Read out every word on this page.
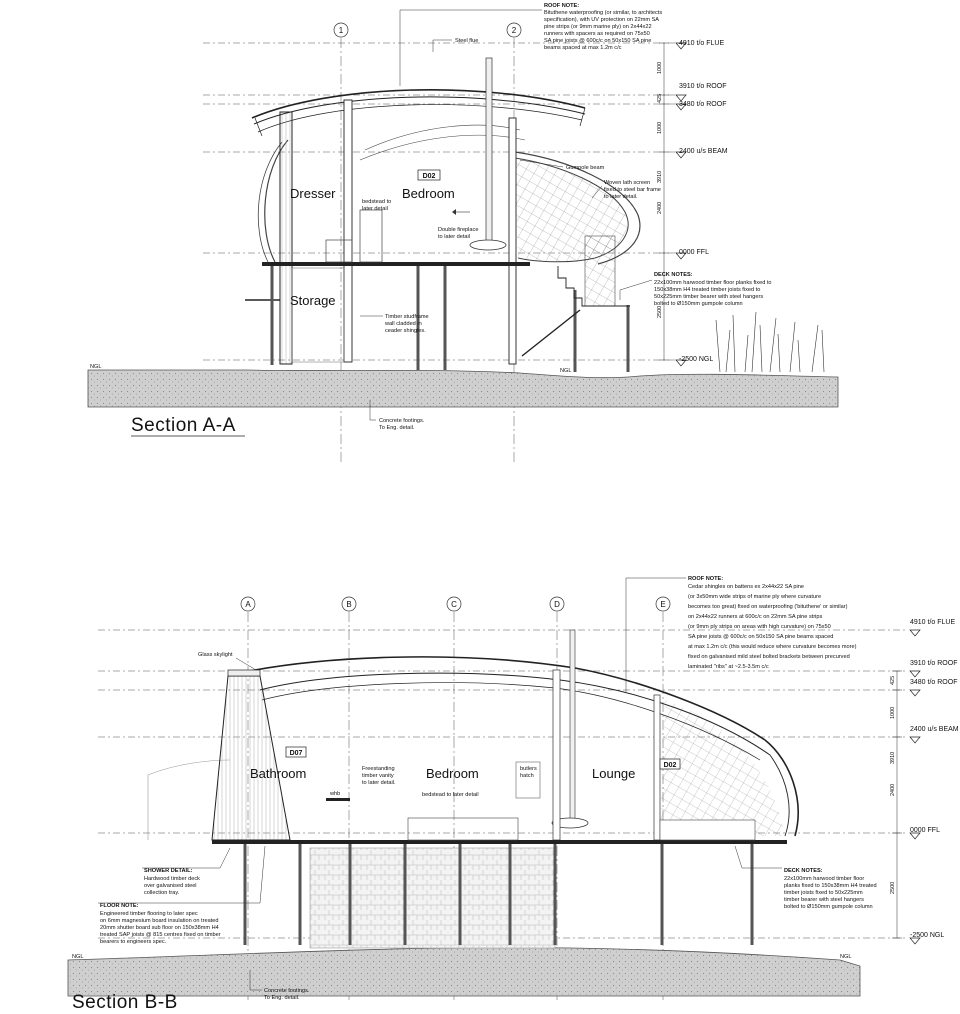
1	2
4910 t/o FLUE
3910 t/o ROOF
3480 t/o ROOF
2400 u/s BEAM
0000 FFL
-2500 NGL
1000
425
1000
3910
2400
2500
NGL
NGL
Dresser	Bedroom
Storage
D02
ROOF NOTE:
Bituthene waterproofing (or similar, to architects
specification), with UV protection on 22mm SA
pine strips (or 9mm marine ply) on 2x44x22
runners with spacers as required on 75x50
SA pine joists @ 600c/c on 50x150 SA pine
beams spaced at max 1.2m c/c
Steel flue
Gumpole beam
Woven lath screen
fixed to steel bar frame
to later detail.
bedstead to
later detail
Double fireplace
to later detail
DECK NOTES:
22x100mm harwood timber floor planks fixed to
150x38mm H4 treated timber joists fixed to
50x225mm timber bearer with steel hangers
bolted to Ø150mm gumpole column
Timber studframe
wall cladded in
ceader shingles.
Concrete footings.
To Eng. detail.
Section A-A
A	B	C	D	E
4910 t/o FLUE
3910 t/o ROOF
3480 t/o ROOF
2400 u/s BEAM
0000 FFL
-2500 NGL
425
1000
3910
2400
2500
NGL	NGL
Bathroom	Bedroom	Lounge
D07
D02
Glass skylight
whb
Freestanding
timber vanity
to later detail.
bedstead to later detail
butlers
hatch
ROOF NOTE:
Cedar shingles on battens ex 2x44x22 SA pine
(or 3x50mm wide strips of marine ply where curvature
becomes too great) fixed on waterproofing ('bituthene' or similar)
on 2x44x22 runners at 600c/c on 22mm SA pine strips
(or 9mm ply strips on areas with high curvature) on 75x50
SA pine joists @ 600c/c on 50x150 SA pine beams spaced
at max 1.2m c/c (this would reduce where curvature becomes more)
fixed on galvanised mild steel bolted brackets between precurved
laminated "ribs" at ~2.5-3.5m c/c
SHOWER DETAIL:
Hardwood timber deck
over galvanised steel
collection tray.
FLOOR NOTE:
Engineered timber flooring to later spec
on 6mm magnesium board insulation on treated
20mm shutter board sub floor on 150x38mm H4
treated SAP joists @ 815 centres fixed on timber
bearers to engineers spec.
DECK NOTES:
22x100mm harwood timber floor
planks fixed to 150x38mm H4 treated
timber joists fixed to 50x225mm
timber bearer with steel hangers
bolted to Ø150mm gumpole column
Concrete footings.
To Eng. detail.
Section B-B
